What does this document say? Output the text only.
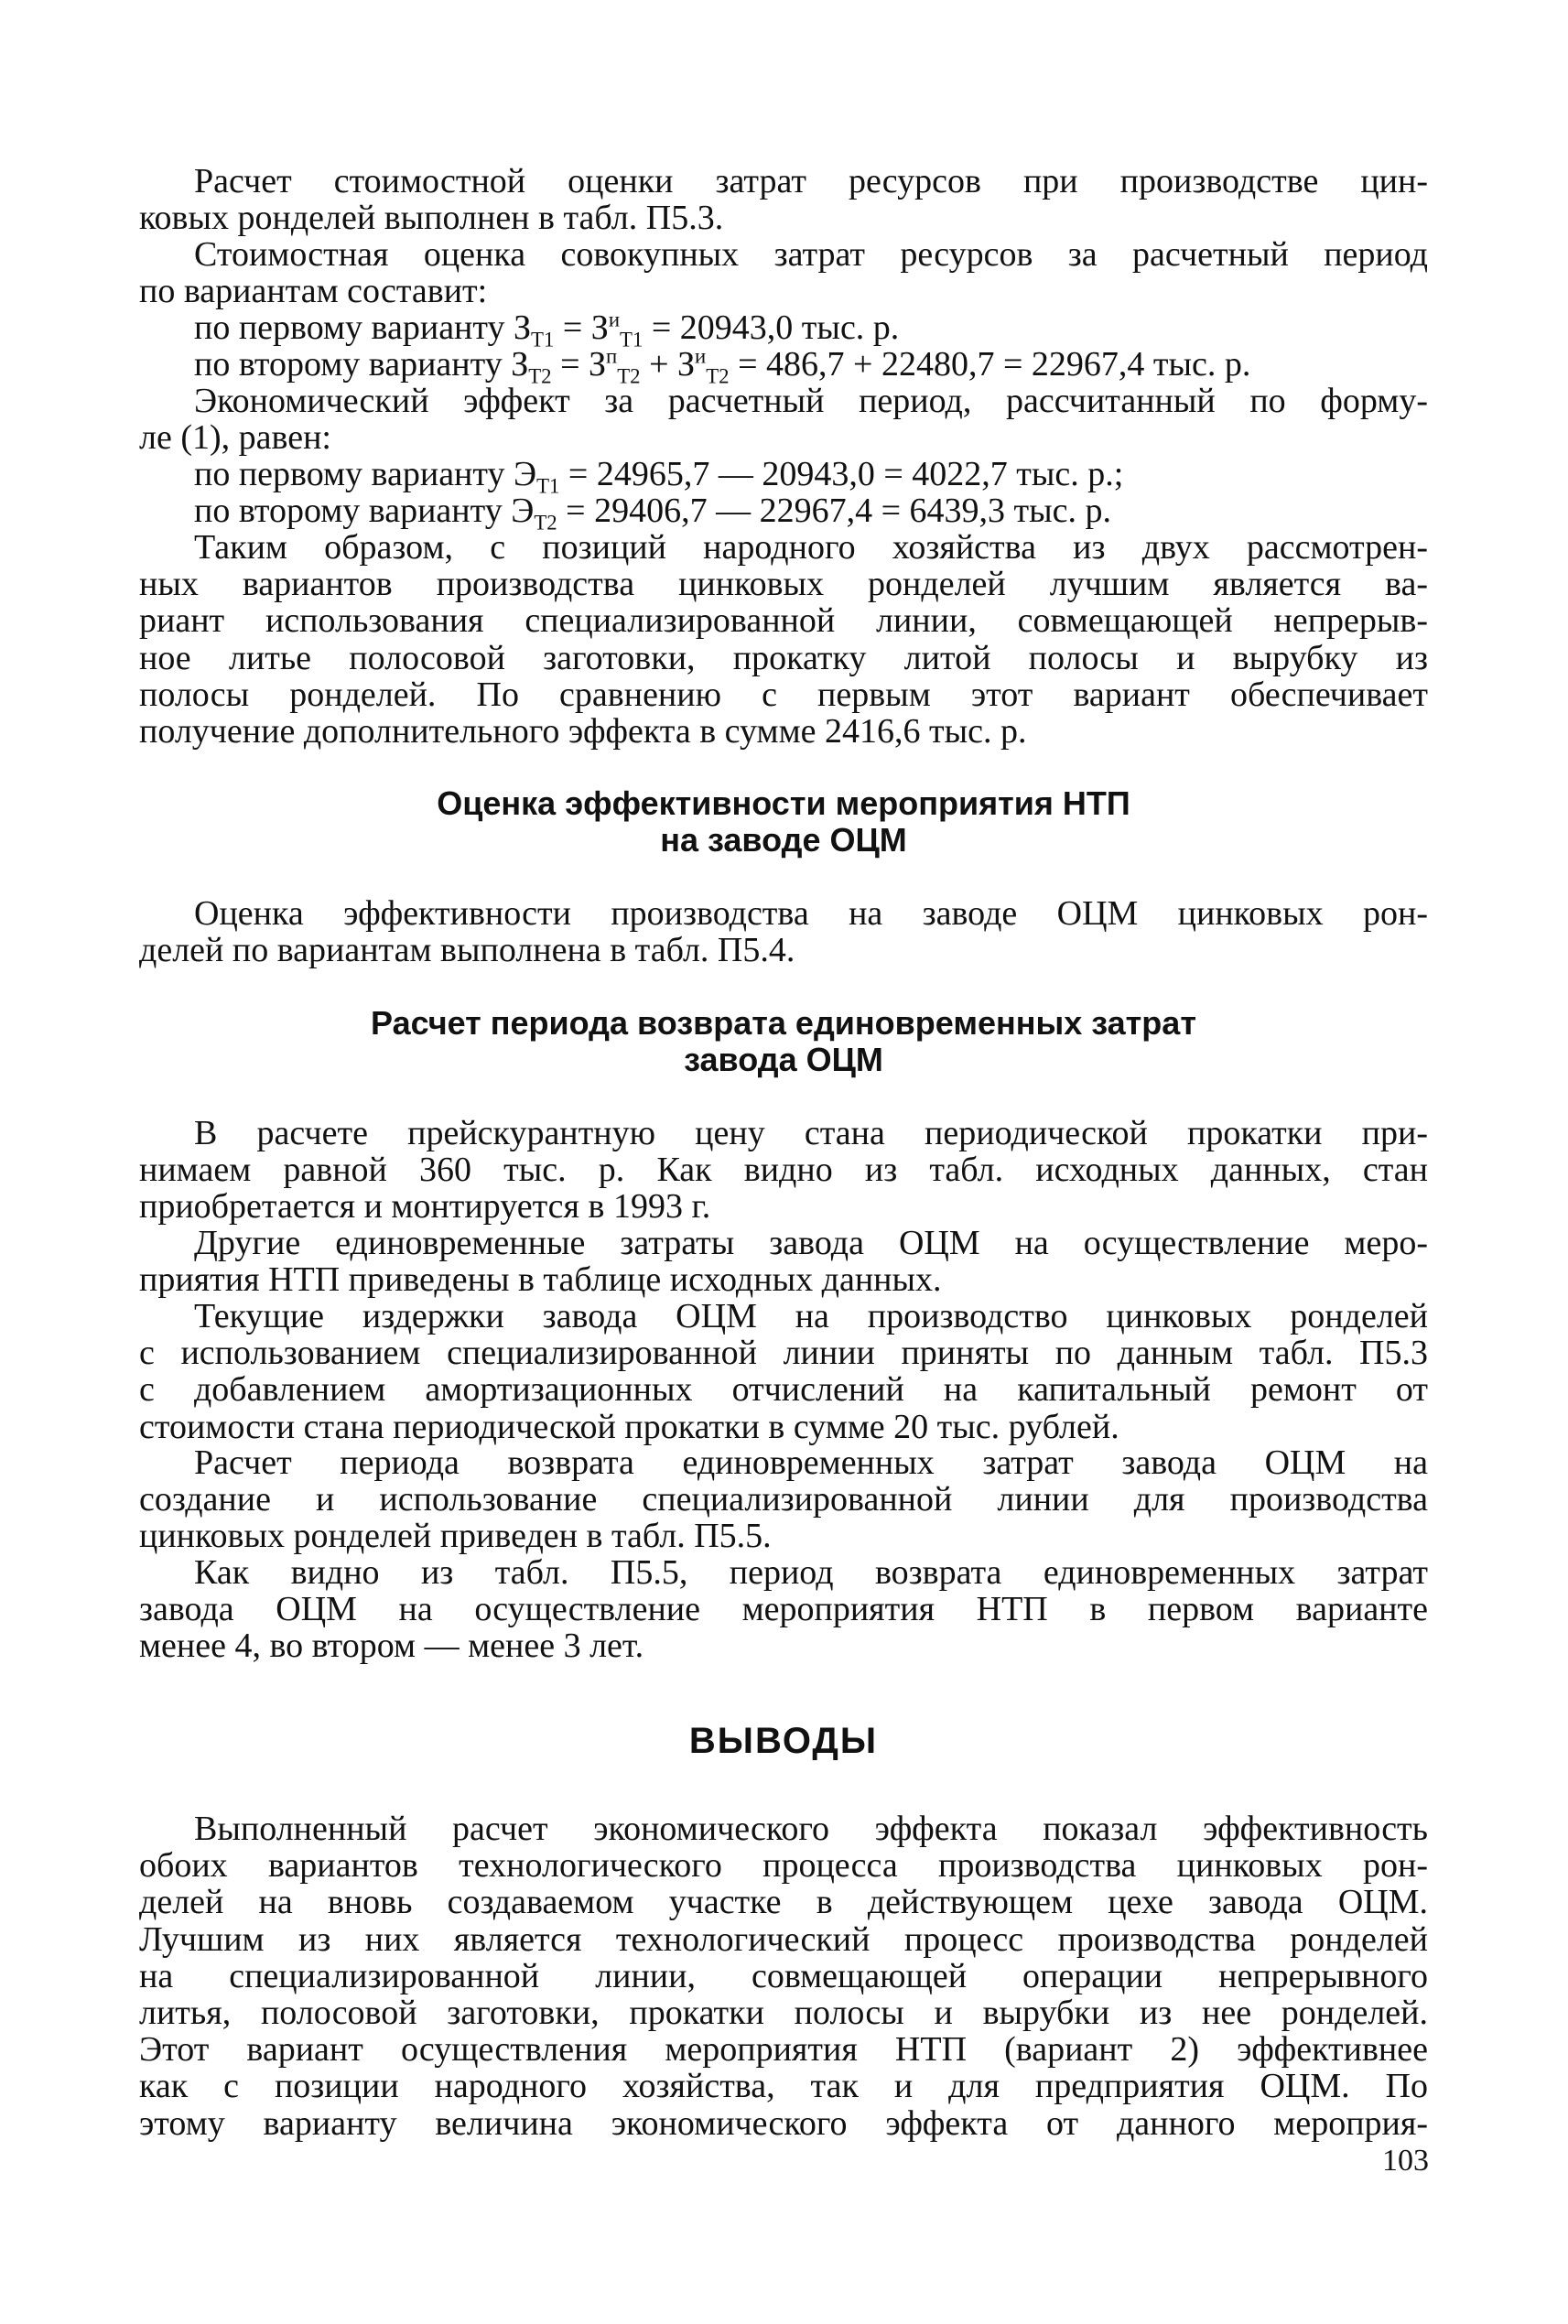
Расчет стоимостной оценки затрат ресурсов при производстве цин-
ковых ронделей выполнен в табл. П5.3.
Стоимостная оценка совокупных затрат ресурсов за расчетный период
по вариантам составит:
по первому варианту $З_{T1} = З^и_{T1} = 20943,0$ тыс. р.
по второму варианту $З_{T2} = З^п_{T2} + З^и_{T2} = 486,7 + 22480,7 = 22967,4$ тыс. р.
Экономический эффект за расчетный период, рассчитанный по форму-
ле (1), равен:
по первому варианту $Э_{T1} = 24965,7$ — 20943,0 = 4022,7 тыс. р.;
по второму варианту $Э_{T2} = 29406,7$ — 22967,4 = 6439,3 тыс. р.
Таким образом, с позиций народного хозяйства из двух рассмотрен-
ных вариантов производства цинковых ронделей лучшим является ва-
риант использования специализированной линии, совмещающей непрерыв-
ное литье полосовой заготовки, прокатку литой полосы и вырубку из
полосы ронделей. По сравнению с первым этот вариант обеспечивает
получение дополнительного эффекта в сумме 2416,6 тыс. р.
Оценка эффективности мероприятия НТП
на заводе ОЦМ
Оценка эффективности производства на заводе ОЦМ цинковых рон-
делей по вариантам выполнена в табл. П5.4.
Расчет периода возврата единовременных затрат
завода ОЦМ
В расчете прейскурантную цену стана периодической прокатки при-
нимаем равной 360 тыс. р. Как видно из табл. исходных данных, стан
приобретается и монтируется в 1993 г.
Другие единовременные затраты завода ОЦМ на осуществление меро-
приятия НТП приведены в таблице исходных данных.
Текущие издержки завода ОЦМ на производство цинковых ронделей
с использованием специализированной линии приняты по данным табл. П5.3
с добавлением амортизационных отчислений на капитальный ремонт от
стоимости стана периодической прокатки в сумме 20 тыс. рублей.
Расчет периода возврата единовременных затрат завода ОЦМ на
создание и использование специализированной линии для производства
цинковых ронделей приведен в табл. П5.5.
Как видно из табл. П5.5, период возврата единовременных затрат
завода ОЦМ на осуществление мероприятия НТП в первом варианте
менее 4, во втором — менее 3 лет.
ВЫВОДЫ
Выполненный расчет экономического эффекта показал эффективность
обоих вариантов технологического процесса производства цинковых рон-
делей на вновь создаваемом участке в действующем цехе завода ОЦМ.
Лучшим из них является технологический процесс производства ронделей
на специализированной линии, совмещающей операции непрерывного
литья, полосовой заготовки, прокатки полосы и вырубки из нее ронделей.
Этот вариант осуществления мероприятия НТП (вариант 2) эффективнее
как с позиции народного хозяйства, так и для предприятия ОЦМ. По
этому варианту величина экономического эффекта от данного мероприя-
103
